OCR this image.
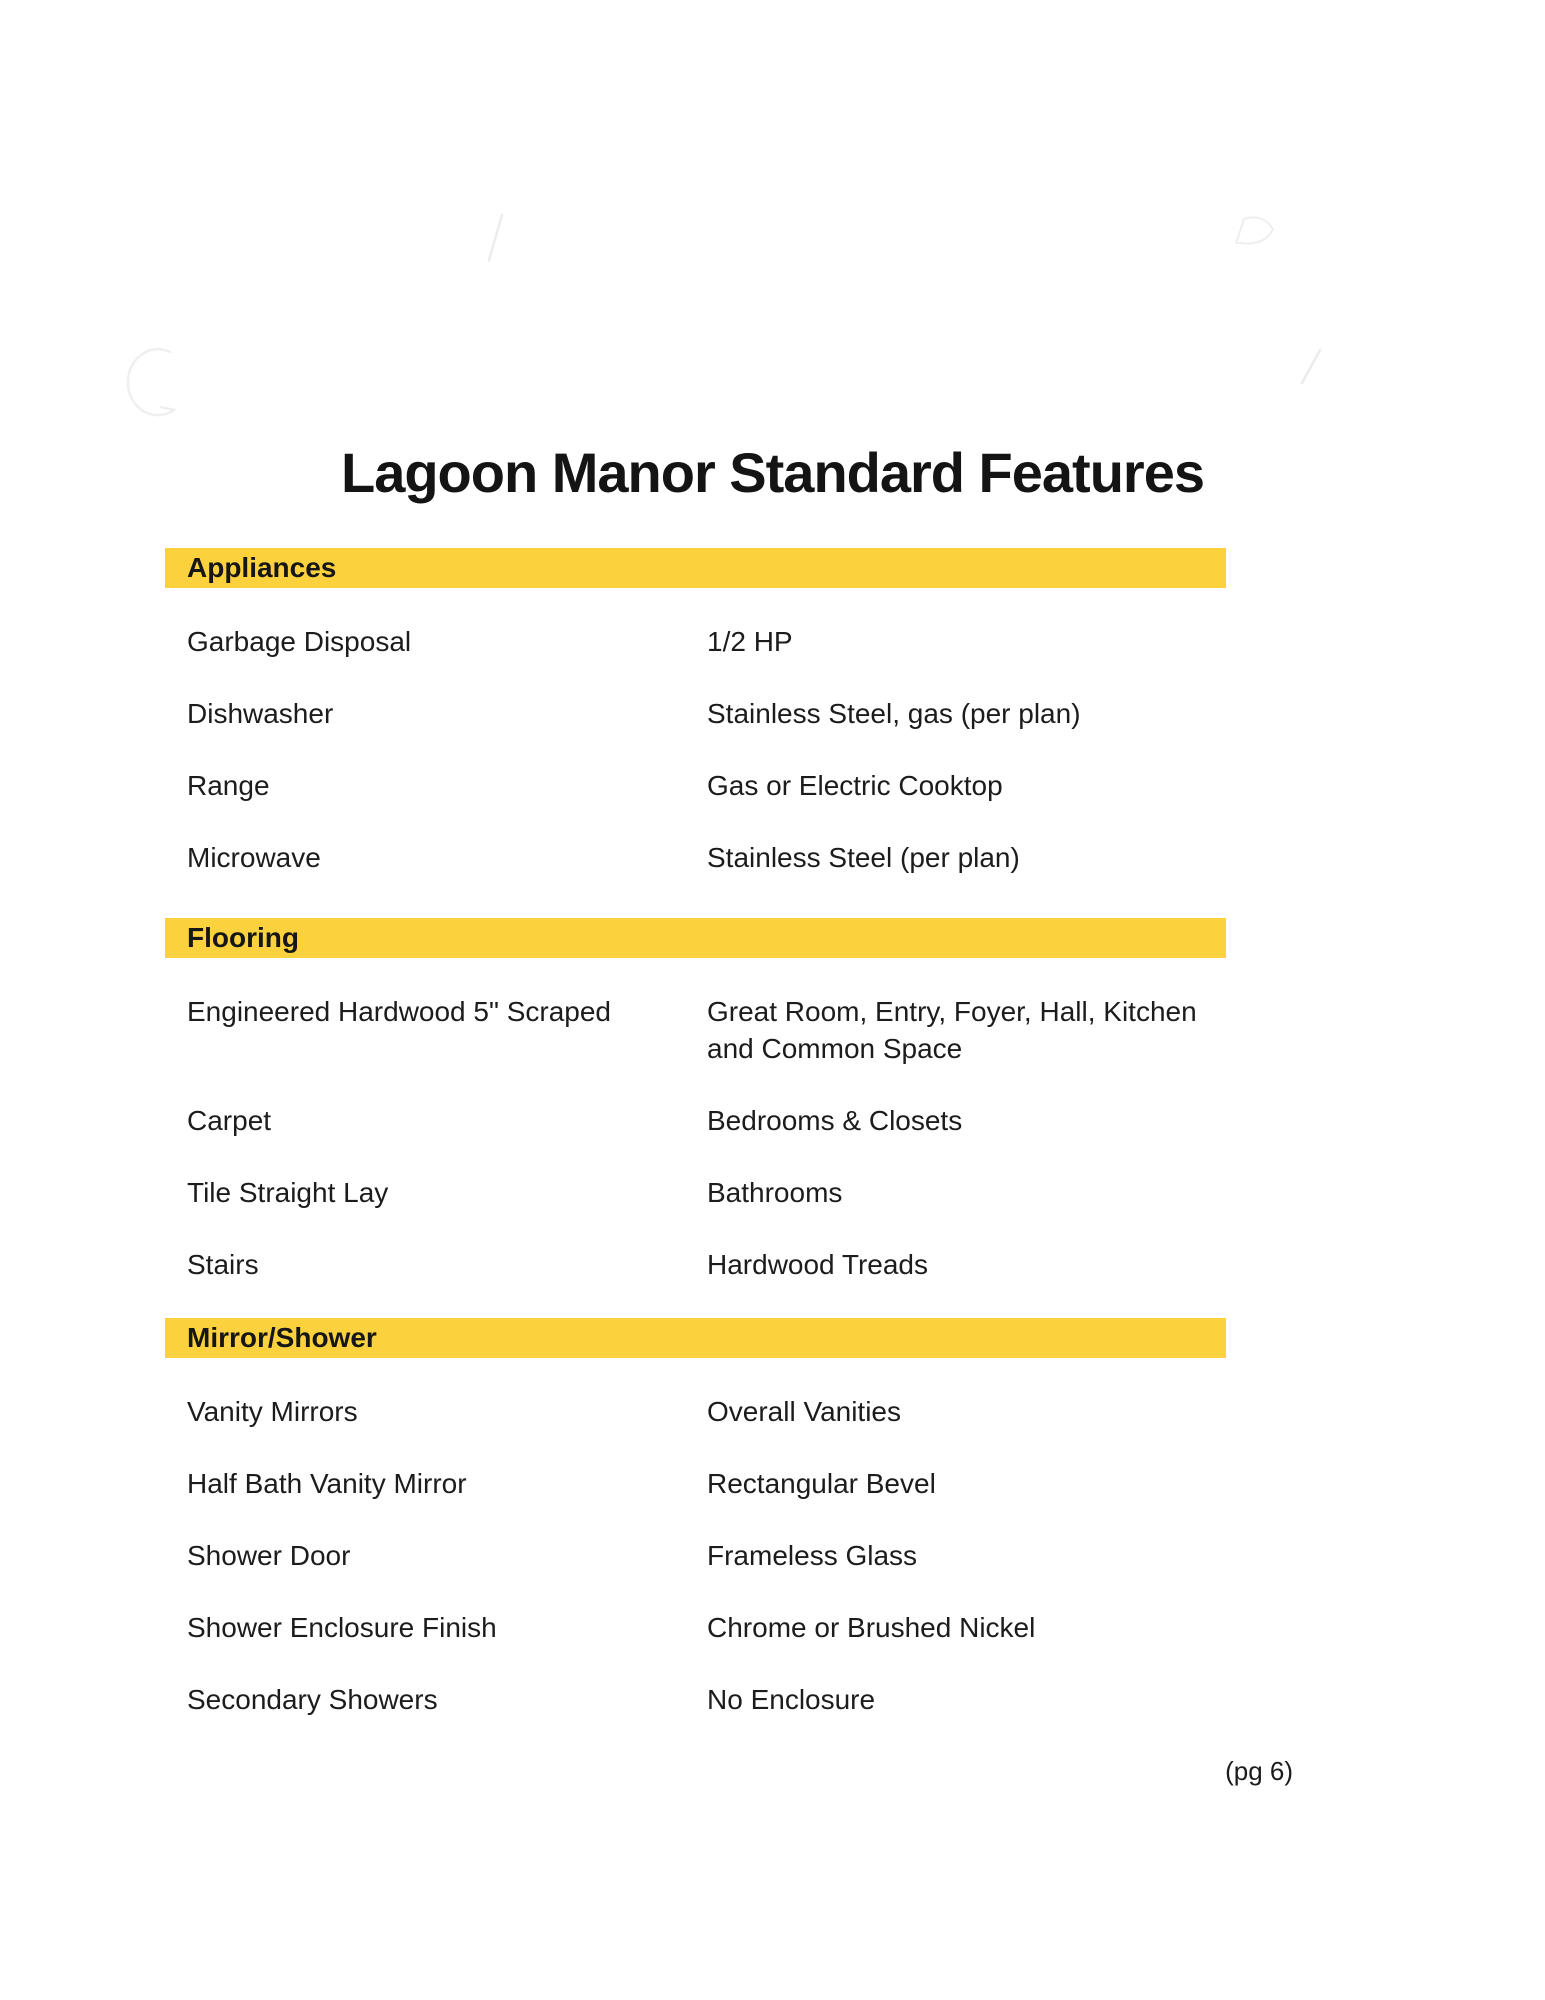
Lagoon Manor Standard Features
Appliances
Garbage Disposal	1/2 HP
Dishwasher	Stainless Steel, gas (per plan)
Range	Gas or Electric Cooktop
Microwave	Stainless Steel (per plan)
Flooring
Engineered Hardwood 5" Scraped	Great Room, Entry, Foyer, Hall, Kitchen and Common Space
Carpet	Bedrooms & Closets
Tile Straight Lay	Bathrooms
Stairs	Hardwood Treads
Mirror/Shower
Vanity Mirrors	Overall Vanities
Half Bath Vanity Mirror	Rectangular Bevel
Shower Door	Frameless Glass
Shower Enclosure Finish	Chrome or Brushed Nickel
Secondary Showers	No Enclosure
(pg 6)
